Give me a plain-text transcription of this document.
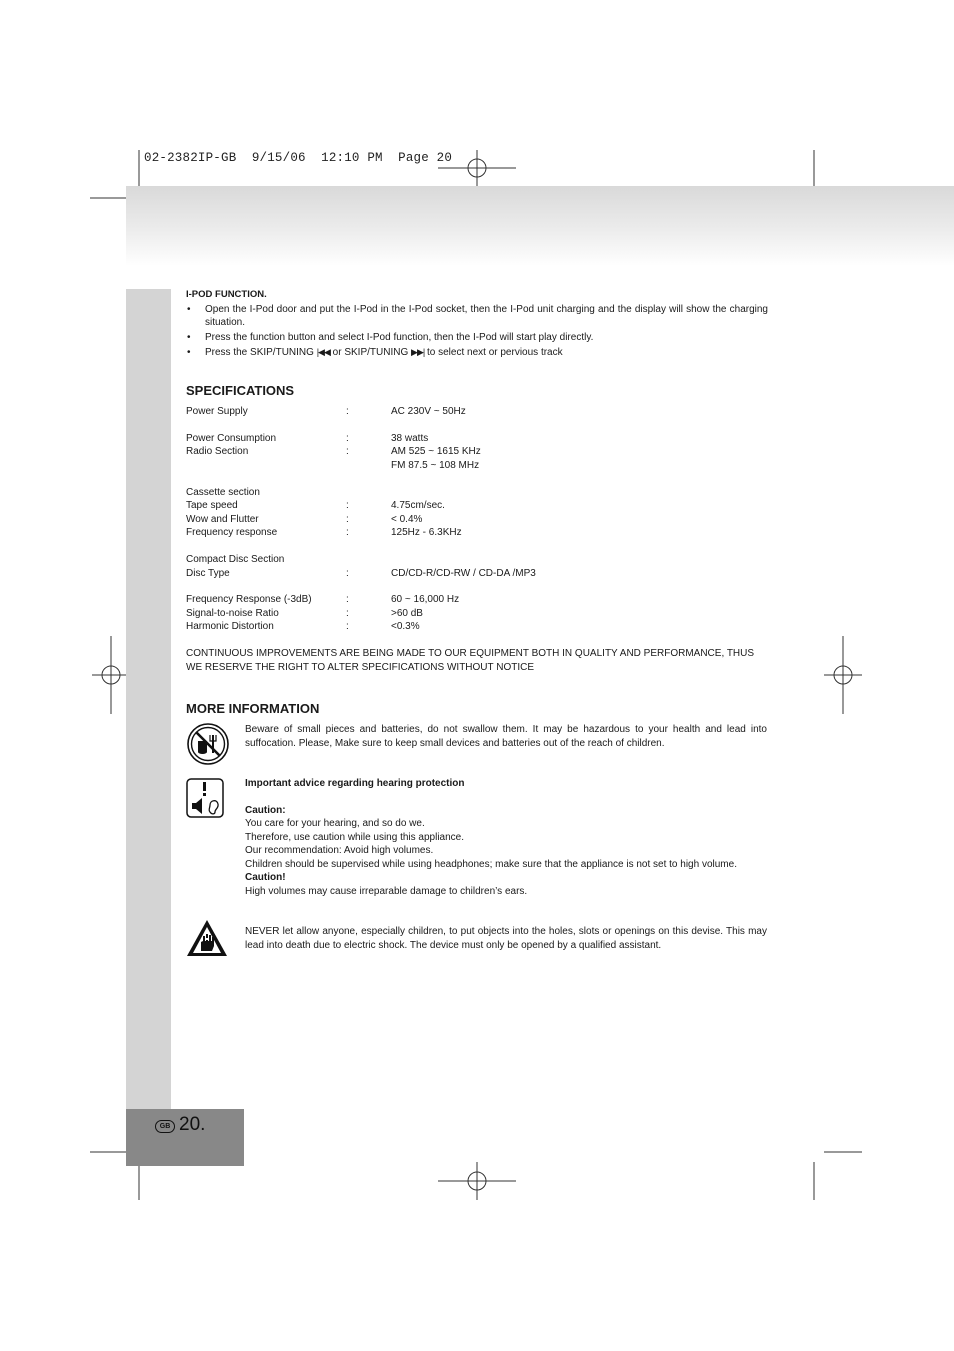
02-2382IP-GB  9/15/06  12:10 PM  Page 20
GB 20.
I-POD FUNCTION.
• Open the I-Pod door and put the I-Pod in the I-Pod socket, then the I-Pod unit charging and the display will show the charging situation.
• Press the function button and select I-Pod function, then the I-Pod will start play directly.
• Press the SKIP/TUNING |◀◀ or SKIP/TUNING ▶▶| to select next or pervious track
SPECIFICATIONS
Power Supply	:	AC 230V ~ 50Hz
Power Consumption	:	38 watts
Radio Section	:	AM 525 ~ 1615 KHz
FM 87.5 ~ 108 MHz
Cassette section
Tape speed	:	4.75cm/sec.
Wow and Flutter	:	< 0.4%
Frequency response	:	125Hz - 6.3KHz
Compact Disc Section
Disc Type	:	CD/CD-R/CD-RW / CD-DA /MP3
Frequency Response (-3dB)	:	60 ~ 16,000 Hz
Signal-to-noise Ratio	:	>60 dB
Harmonic Distortion	:	<0.3%
CONTINUOUS IMPROVEMENTS ARE BEING MADE TO OUR EQUIPMENT BOTH IN QUALITY AND PERFORMANCE, THUS WE RESERVE THE RIGHT TO ALTER SPECIFICATIONS WITHOUT NOTICE
MORE INFORMATION
Beware of small pieces and batteries, do not swallow them. It may be hazardous to your health and lead into suffocation. Please, Make sure to keep small devices and batteries out of the reach of children.
Important advice regarding hearing protection
Caution:
You care for your hearing, and so do we.
Therefore, use caution while using this appliance.
Our recommendation: Avoid high volumes.
Children should be supervised while using headphones; make sure that the appliance is not set to high volume.
Caution!
High volumes may cause irreparable damage to children’s ears.
NEVER let allow anyone, especially children, to put objects into the holes, slots or openings on this devise. This may lead into death due to electric shock. The device must only be opened by a qualified assistant.
